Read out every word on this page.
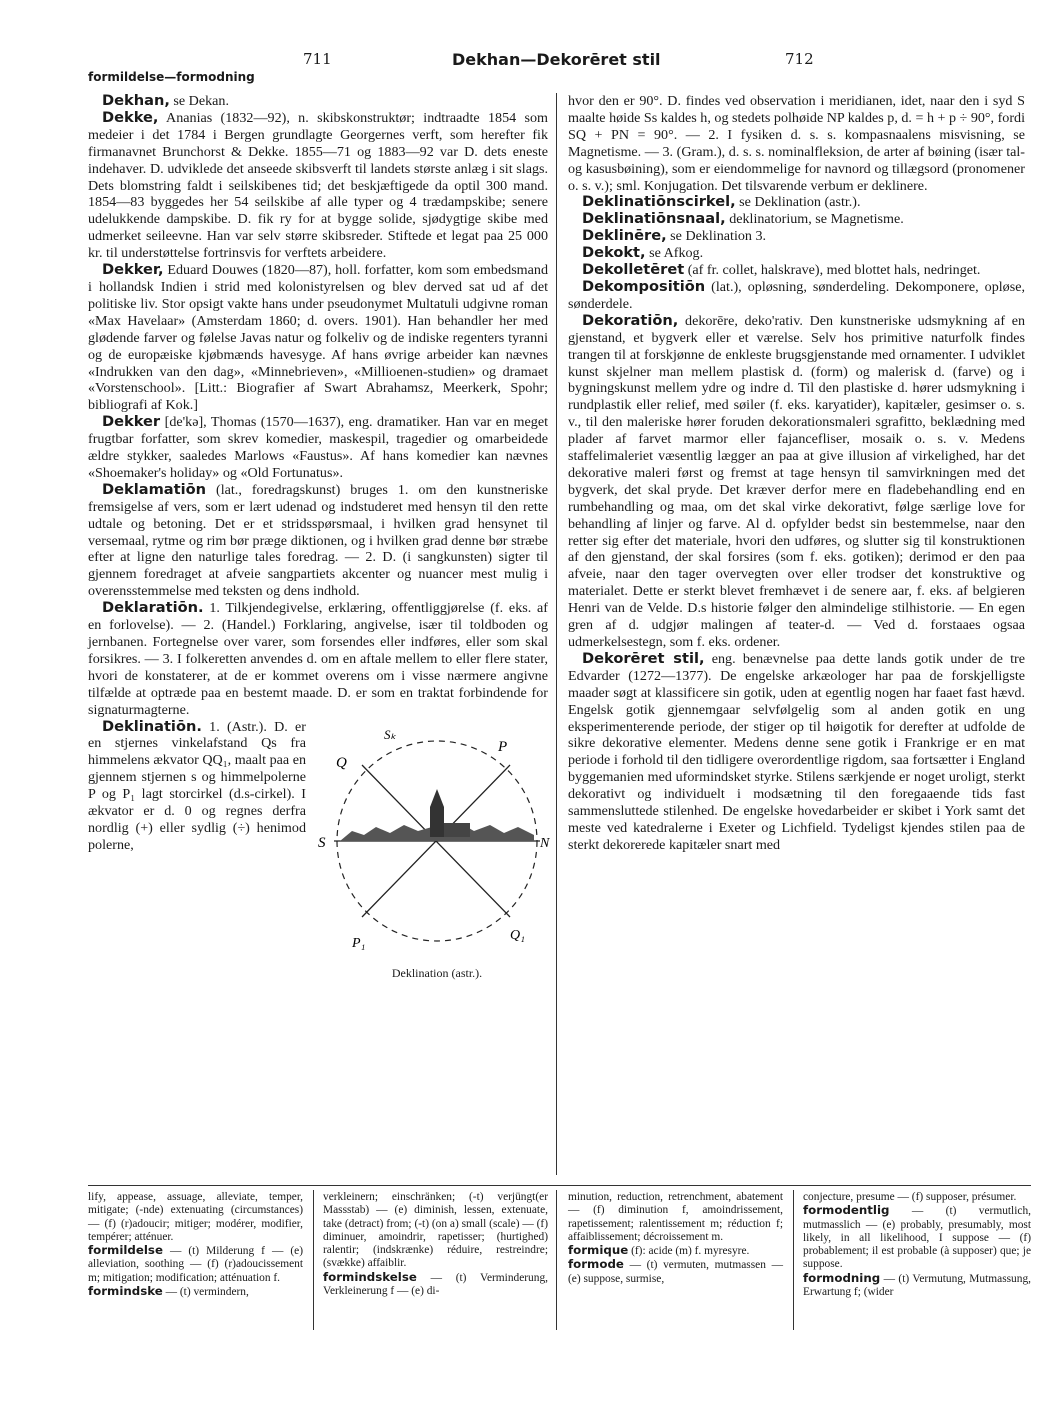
711	Dekhan—Dekorēret stil	712
formildelse—formodning

Dekhan, se Dekan.

Dekke, Ananias (1832—92), n. skibskonstruktør; indtraadte 1854 som medeier i det 1784 i Bergen grundlagte Georgernes verft, som herefter fik firmanavnet Brunchorst & Dekke. 1855—71 og 1883—92 var D. dets eneste indehaver. D. udviklede det anseede skibsverft til landets største anlæg i sit slags. Dets blomstring faldt i seilskibenes tid; det beskjæftigede da optil 300 mand. 1854—83 byggedes her 54 seilskibe af alle typer og 4 trædampskibe; senere udelukkende dampskibe. D. fik ry for at bygge solide, sjødygtige skibe med udmerket seileevne. Han var selv større skibsreder. Stiftede et legat paa 25 000 kr. til understøttelse fortrinsvis for verftets arbeidere.

Dekker, Eduard Douwes (1820—87), holl. forfatter, kom som embedsmand i hollandsk Indien i strid med kolonistyrelsen og blev derved sat ud af det politiske liv. Stor opsigt vakte hans under pseudonymet Multatuli udgivne roman «Max Havelaar» (Amsterdam 1860; d. overs. 1901). Han behandler her med glødende farver og følelse Javas natur og folkeliv og de indiske regenters tyranni og de europæiske kjøbmænds havesyge. Af hans øvrige arbeider kan nævnes «Indrukken van den dag», «Minnebrieven», «Millioenen-studien» og dramaet «Vorstenschool». [Litt.: Biografier af Swart Abrahamsz, Meerkerk, Spohr; bibliografi af Kok.]

Dekker [de'kə], Thomas (1570—1637), eng. dramatiker. Han var en meget frugtbar forfatter, som skrev komedier, maskespil, tragedier og omarbeidede ældre stykker, saaledes Marlows «Faustus». Af hans komedier kan nævnes «Shoemaker's holiday» og «Old Fortunatus».

Deklamatiōn (lat., foredragskunst) bruges 1. om den kunstneriske fremsigelse af vers, som er lært udenad og indstuderet med hensyn til den rette udtale og betoning. Det er et stridsspørsmaal, i hvilken grad hensynet til versemaal, rytme og rim bør præge diktionen, og i hvilken grad denne bør stræbe efter at ligne den naturlige tales foredrag. — 2. D. (i sangkunsten) sigter til gjennem foredraget at afveie sangpartiets akcenter og nuancer mest mulig i overensstemmelse med teksten og dens indhold.

Deklaratiōn. 1. Tilkjendegivelse, erklæring, offentliggjørelse (f. eks. af en forlovelse). — 2. (Handel.) Forklaring, angivelse, især til toldboden og jernbanen. Fortegnelse over varer, som forsendes eller indføres, eller som skal forsikres. — 3. I folkeretten anvendes d. om en aftale mellem to eller flere stater, hvori de konstaterer, at de er kommet overens om i visse nærmere angivne tilfælde at optræde paa en bestemt maade. D. er som en traktat forbindende for signaturmagterne.

S	N
P
P₁
Q
Q₁
Sₖ
Deklination (astr.).

Deklinatiōn. 1. (Astr.). D. er en stjernes vinkelafstand Qs fra himmelens ækvator QQ₁, maalt paa en gjennem stjernen s og himmelpolerne P og P₁ lagt storcirkel (d.s-cirkel). I ækvator er d. 0 og regnes derfra nordlig (+) eller sydlig (÷) henimod polerne,

hvor den er 90°. D. findes ved observation i meridianen, idet, naar den i syd S maalte høide Ss kaldes h, og stedets polhøide NP kaldes p, d. = h + p ÷ 90°, fordi SQ + PN = 90°. — 2. I fysiken d. s. s. kompasnaalens misvisning, se Magnetisme. — 3. (Gram.), d. s. s. nominalfleksion, de arter af bøining (især tal- og kasusbøining), som er eiendommelige for navnord og tillægsord (pronomener o. s. v.); sml. Konjugation. Det tilsvarende verbum er deklinere.

Deklinatiōnscirkel, se Deklination (astr.).

Deklinatiōnsnaal, deklinatorium, se Magnetisme.

Deklinēre, se Deklination 3.

Dekokt, se Afkog.

Dekolletēret (af fr. collet, halskrave), med blottet hals, nedringet.

Dekompositiōn (lat.), opløsning, sønderdeling. Dekomponere, opløse, sønderdele.

Dekoratiōn, dekorēre, deko'rativ. Den kunstneriske udsmykning af en gjenstand, et bygverk eller et værelse. Selv hos primitive naturfolk findes trangen til at forskjønne de enkleste brugsgjenstande med ornamenter. I udviklet kunst skjelner man mellem plastisk d. (form) og malerisk d. (farve) og i bygningskunst mellem ydre og indre d. Til den plastiske d. hører udsmykning i rundplastik eller relief, med søiler (f. eks. karyatider), kapitæler, gesimser o. s. v., til den maleriske hører foruden dekorationsmaleri sgrafitto, beklædning med plader af farvet marmor eller fajancefliser, mosaik o. s. v. Medens staffelimaleriet væsentlig lægger an paa at give illusion af virkelighed, har det dekorative maleri først og fremst at tage hensyn til samvirkningen med det bygverk, det skal pryde. Det kræver derfor mere en fladebehandling end en rumbehandling og maa, om det skal virke dekorativt, følge særlige love for behandling af linjer og farve. Al d. opfylder bedst sin bestemmelse, naar den retter sig efter det materiale, hvori den udføres, og slutter sig til konstruktionen af den gjenstand, der skal forsires (som f. eks. gotiken); derimod er den paa afveie, naar den tager overvegten over eller trodser det konstruktive og materialet. Dette er sterkt blevet fremhævet i de senere aar, f. eks. af belgieren Henri van de Velde. D.s historie følger den almindelige stilhistorie. — En egen gren af d. udgjør malingen af teater-d. — Ved d. forstaaes ogsaa udmerkelsestegn, som f. eks. ordener.

Dekorēret stil, eng. benævnelse paa dette lands gotik under de tre Edvarder (1272—1377). De engelske arkæologer har paa de forskjelligste maader søgt at klassificere sin gotik, uden at egentlig nogen har faaet fast hævd. Engelsk gotik gjennemgaar selvfølgelig som al anden gotik en ung eksperimenterende periode, der stiger op til høigotik for derefter at udfolde de sikre dekorative elementer. Medens denne sene gotik i Frankrige er en mat periode i forhold til den tidligere overordentlige rigdom, saa fortsætter i England byggemanien med uformindsket styrke. Stilens særkjende er noget uroligt, sterkt dekorativt og individuelt i modsætning til den foregaaende tids fast sammensluttede stilenhed. De engelske hovedarbeider er skibet i York samt det meste ved katedralerne i Exeter og Lichfield. Tydeligst kjendes stilen paa de sterkt dekorerede kapitæler snart med

lify, appease, assuage, alleviate, temper, mitigate; (-nde) extenuating (circumstances) — (f) (r)adoucir; mitiger; modérer, modifier, tempérer; atténuer.

formildelse — (t) Milderung f — (e) alleviation, soothing — (f) (r)adoucissement m; mitigation; modification; atténuation f.

formindske — (t) vermindern,

verkleinern; einschränken; (-t) verjüngt(er Massstab) — (e) diminish, lessen, extenuate, take (detract) from; (-t) (on a) small (scale) — (f) diminuer, amoindrir, rapetisser; (hurtighed) ralentir; (indskrænke) réduire, restreindre; (svække) affaiblir.

formindskelse — (t) Verminderung, Verkleinerung f — (e) di-

minution, reduction, retrenchment, abatement — (f) diminution f, amoindrissement, rapetissement; ralentissement m; réduction f; affaiblissement; décroissement m.

formique (f): acide (m) f. myresyre.

formode — (t) vermuten, mutmassen — (e) suppose, surmise,

conjecture, presume — (f) supposer, présumer.

formodentlig — (t) vermutlich, mutmasslich — (e) probably, presumably, most likely, in all likelihood, I suppose — (f) probablement; il est probable (à supposer) que; je suppose.

formodning — (t) Vermutung, Mutmassung, Erwartung f; (wider
